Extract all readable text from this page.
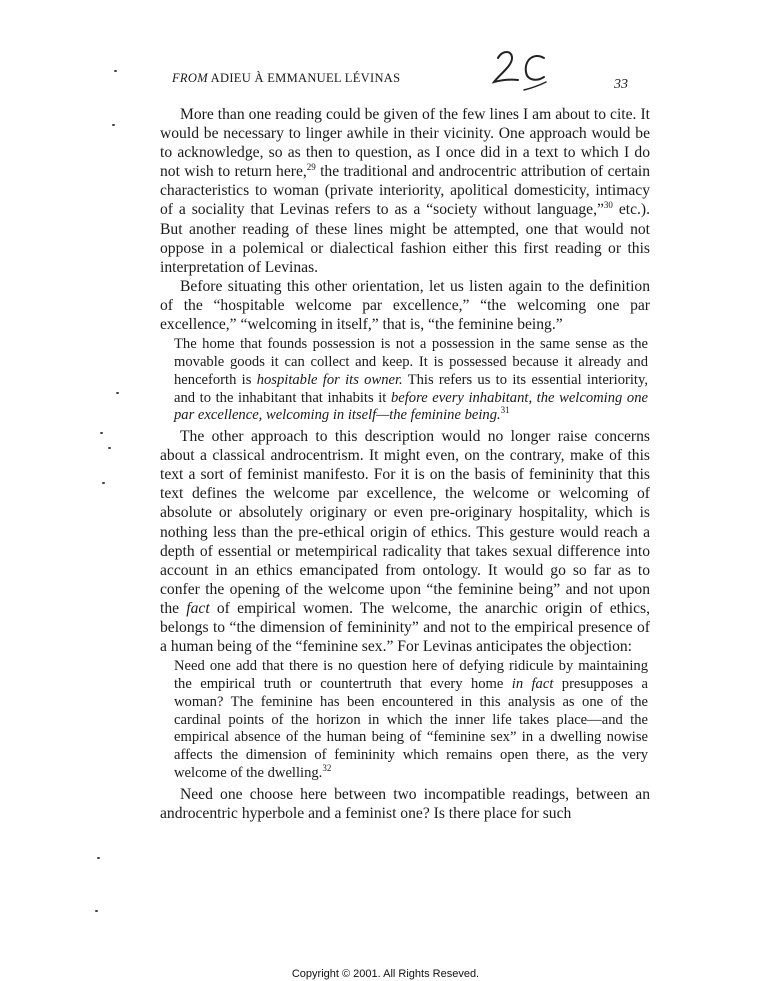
FROM ADIEU À EMMANUEL LÉVINAS	33

More than one reading could be given of the few lines I am about to cite. It would be necessary to linger awhile in their vicinity. One approach would be to acknowledge, so as then to question, as I once did in a text to which I do not wish to return here,$^{29}$ the traditional and androcentric attribution of certain characteristics to woman (private interiority, apolitical domesticity, intimacy of a sociality that Levinas refers to as a “society without language,”$^{30}$ etc.). But another reading of these lines might be attempted, one that would not oppose in a polemical or dialectical fashion either this first reading or this interpretation of Levinas.

Before situating this other orientation, let us listen again to the definition of the “hospitable welcome par excellence,” “the welcoming one par excellence,” “welcoming in itself,” that is, “the feminine being.”

The home that founds possession is not a possession in the same sense as the movable goods it can collect and keep. It is possessed because it already and henceforth is hospitable for its owner. This refers us to its essential interiority, and to the inhabitant that inhabits it before every inhabitant, the welcoming one par excellence, welcoming in itself—the feminine being.$^{31}$

The other approach to this description would no longer raise concerns about a classical androcentrism. It might even, on the contrary, make of this text a sort of feminist manifesto. For it is on the basis of femininity that this text defines the welcome par excellence, the welcome or welcoming of absolute or absolutely originary or even pre-originary hospitality, which is nothing less than the pre-ethical origin of ethics. This gesture would reach a depth of essential or metempirical radicality that takes sexual difference into account in an ethics emancipated from ontology. It would go so far as to confer the opening of the welcome upon “the feminine being” and not upon the fact of empirical women. The welcome, the anarchic origin of ethics, belongs to “the dimension of femininity” and not to the empirical presence of a human being of the “feminine sex.” For Levinas anticipates the objection:

Need one add that there is no question here of defying ridicule by maintaining the empirical truth or countertruth that every home in fact presupposes a woman? The feminine has been encountered in this analysis as one of the cardinal points of the horizon in which the inner life takes place—and the empirical absence of the human being of “feminine sex” in a dwelling nowise affects the dimension of femininity which remains open there, as the very welcome of the dwelling.$^{32}$

Need one choose here between two incompatible readings, between an androcentric hyperbole and a feminist one? Is there place for such

Copyright © 2001. All Rights Reseved.
